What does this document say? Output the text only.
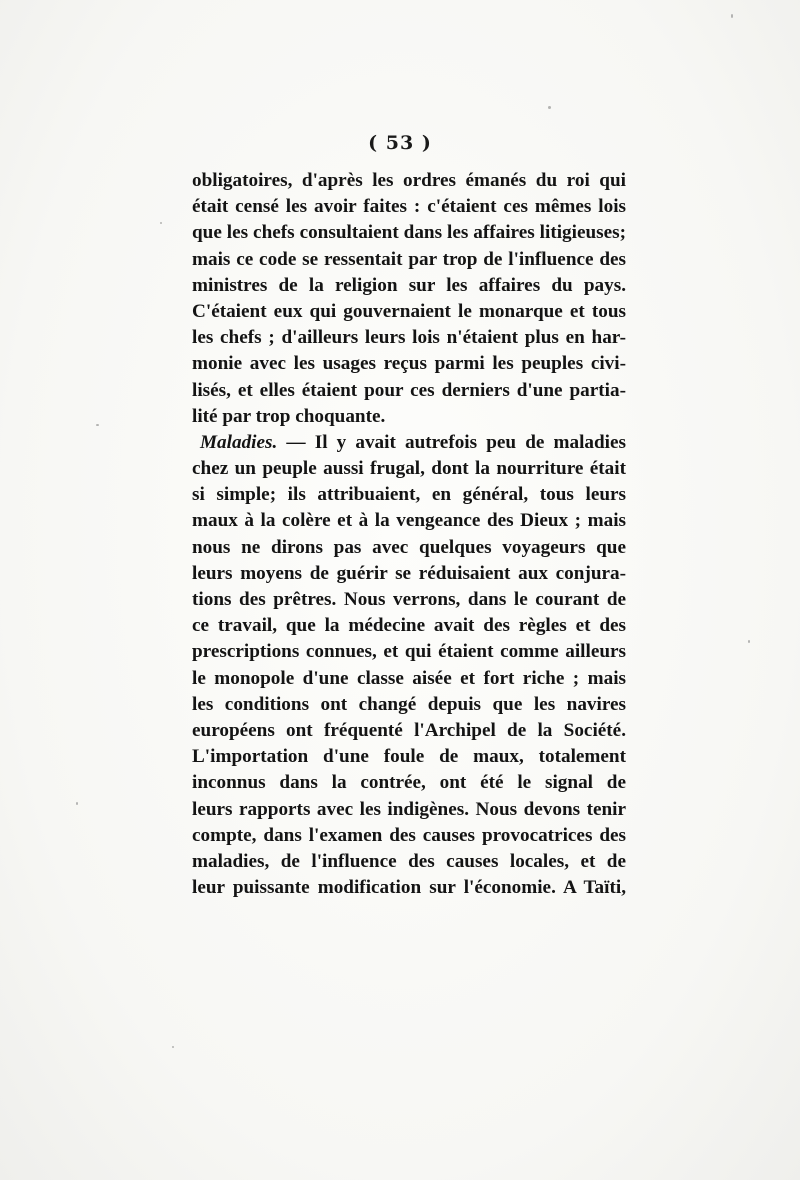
( 53 )
obligatoires, d'après les ordres émanés du roi qui
était censé les avoir faites : c'étaient ces mêmes lois
que les chefs consultaient dans les affaires litigieuses;
mais ce code se ressentait par trop de l'influence des
ministres de la religion sur les affaires du pays.
C'étaient eux qui gouvernaient le monarque et tous
les chefs ; d'ailleurs leurs lois n'étaient plus en har-
monie avec les usages reçus parmi les peuples civi-
lisés, et elles étaient pour ces derniers d'une partia-
lité par trop choquante.
Maladies. — Il y avait autrefois peu de maladies
chez un peuple aussi frugal, dont la nourriture était
si simple; ils attribuaient, en général, tous leurs
maux à la colère et à la vengeance des Dieux ; mais
nous ne dirons pas avec quelques voyageurs que
leurs moyens de guérir se réduisaient aux conjura-
tions des prêtres. Nous verrons, dans le courant de
ce travail, que la médecine avait des règles et des
prescriptions connues, et qui étaient comme ailleurs
le monopole d'une classe aisée et fort riche ; mais
les conditions ont changé depuis que les navires
européens ont fréquenté l'Archipel de la Société.
L'importation d'une foule de maux, totalement
inconnus dans la contrée, ont été le signal de
leurs rapports avec les indigènes. Nous devons tenir
compte, dans l'examen des causes provocatrices des
maladies, de l'influence des causes locales, et de
leur puissante modification sur l'économie. A Taïti,
